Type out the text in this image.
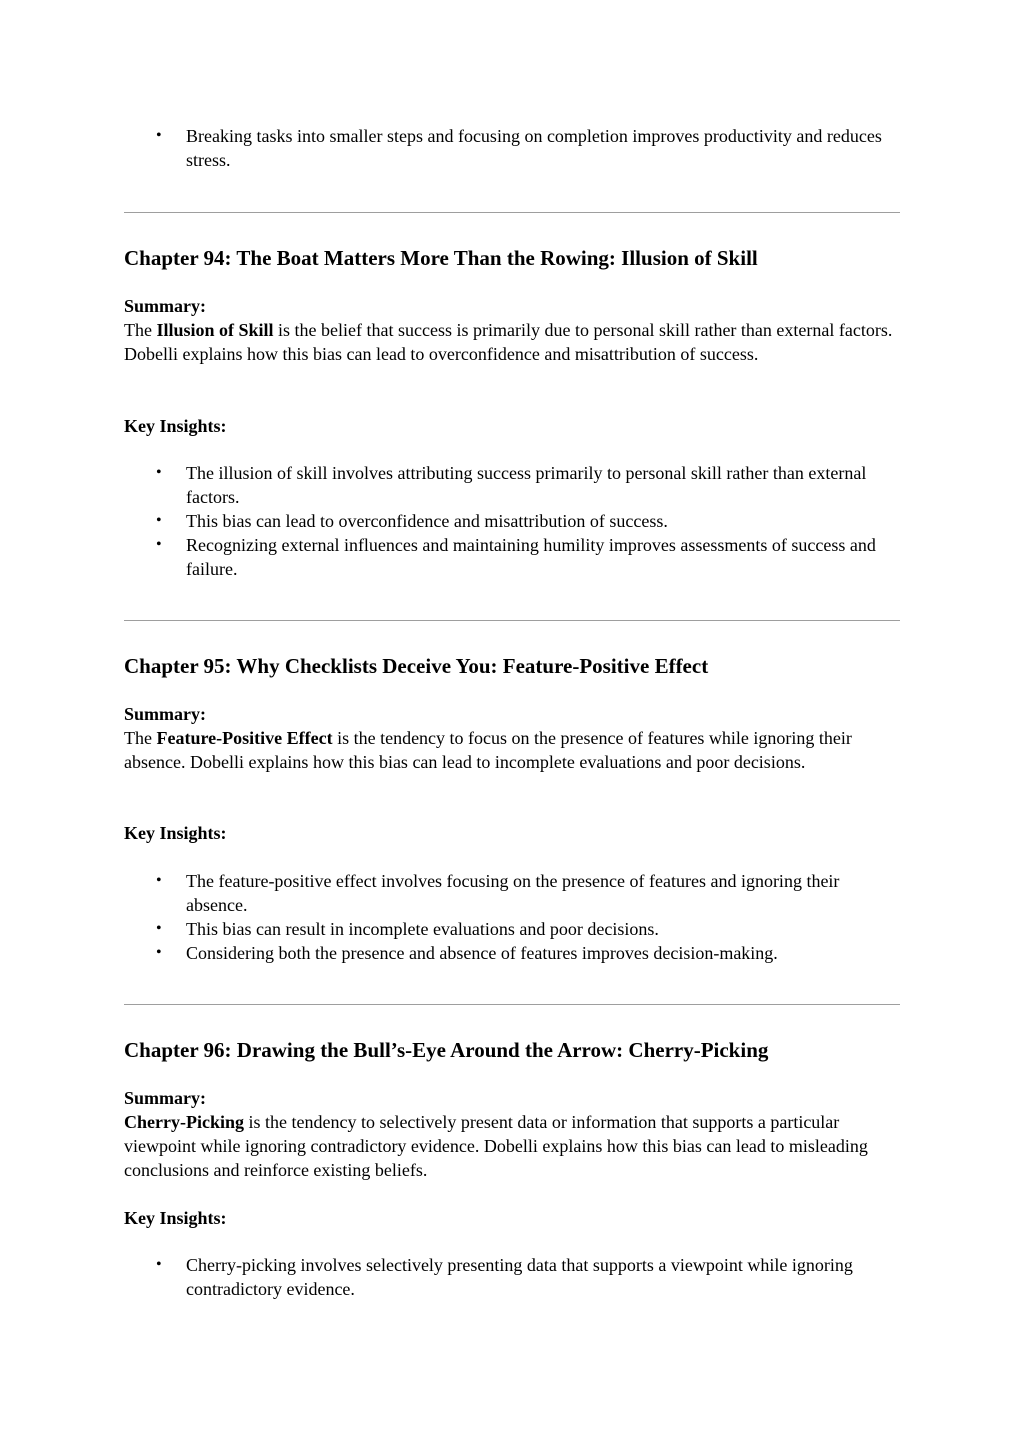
• Breaking tasks into smaller steps and focusing on completion improves productivity and reduces stress.
Chapter 94: The Boat Matters More Than the Rowing: Illusion of Skill
Summary:

The Illusion of Skill is the belief that success is primarily due to personal skill rather than external factors. Dobelli explains how this bias can lead to overconfidence and misattribution of success.

Key Insights:
• The illusion of skill involves attributing success primarily to personal skill rather than external factors.
• This bias can lead to overconfidence and misattribution of success.
• Recognizing external influences and maintaining humility improves assessments of success and failure.
Chapter 95: Why Checklists Deceive You: Feature-Positive Effect
Summary:

The Feature-Positive Effect is the tendency to focus on the presence of features while ignoring their absence. Dobelli explains how this bias can lead to incomplete evaluations and poor decisions.

Key Insights:
• The feature-positive effect involves focusing on the presence of features and ignoring their absence.
• This bias can result in incomplete evaluations and poor decisions.
• Considering both the presence and absence of features improves decision-making.
Chapter 96: Drawing the Bull’s-Eye Around the Arrow: Cherry-Picking
Summary:

Cherry-Picking is the tendency to selectively present data or information that supports a particular viewpoint while ignoring contradictory evidence. Dobelli explains how this bias can lead to misleading conclusions and reinforce existing beliefs.

Key Insights:
• Cherry-picking involves selectively presenting data that supports a viewpoint while ignoring contradictory evidence.
